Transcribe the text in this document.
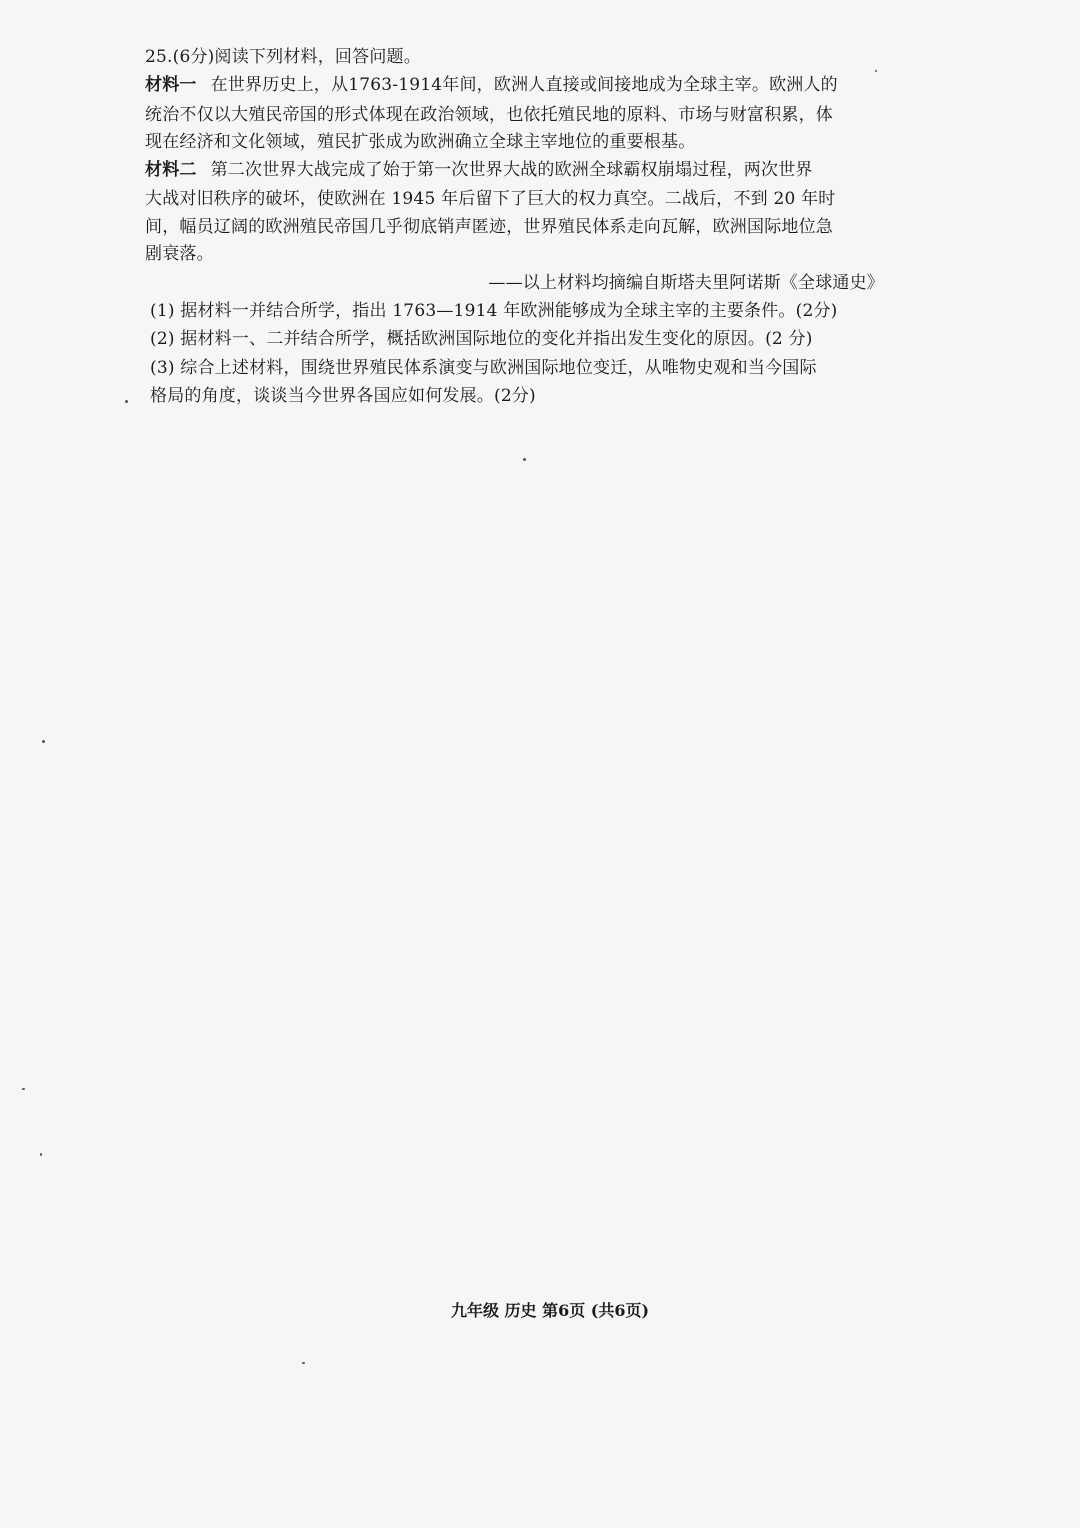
25.(6分)阅读下列材料，回答问题。
材料一 在世界历史上，从1763-1914年间，欧洲人直接或间接地成为全球主宰。欧洲人的
统治不仅以大殖民帝国的形式体现在政治领域，也依托殖民地的原料、市场与财富积累，体
现在经济和文化领域，殖民扩张成为欧洲确立全球主宰地位的重要根基。
材料二 第二次世界大战完成了始于第一次世界大战的欧洲全球霸权崩塌过程，两次世界
大战对旧秩序的破坏，使欧洲在 1945 年后留下了巨大的权力真空。二战后，不到 20 年时
间，幅员辽阔的欧洲殖民帝国几乎彻底销声匿迹，世界殖民体系走向瓦解，欧洲国际地位急
剧衰落。
——以上材料均摘编自斯塔夫里阿诺斯《全球通史》
(1) 据材料一并结合所学，指出 1763—1914 年欧洲能够成为全球主宰的主要条件。(2分)
(2) 据材料一、二并结合所学，概括欧洲国际地位的变化并指出发生变化的原因。(2 分)
(3) 综合上述材料，围绕世界殖民体系演变与欧洲国际地位变迁，从唯物史观和当今国际
格局的角度，谈谈当今世界各国应如何发展。(2分)
九年级 历史 第6页 (共6页)
